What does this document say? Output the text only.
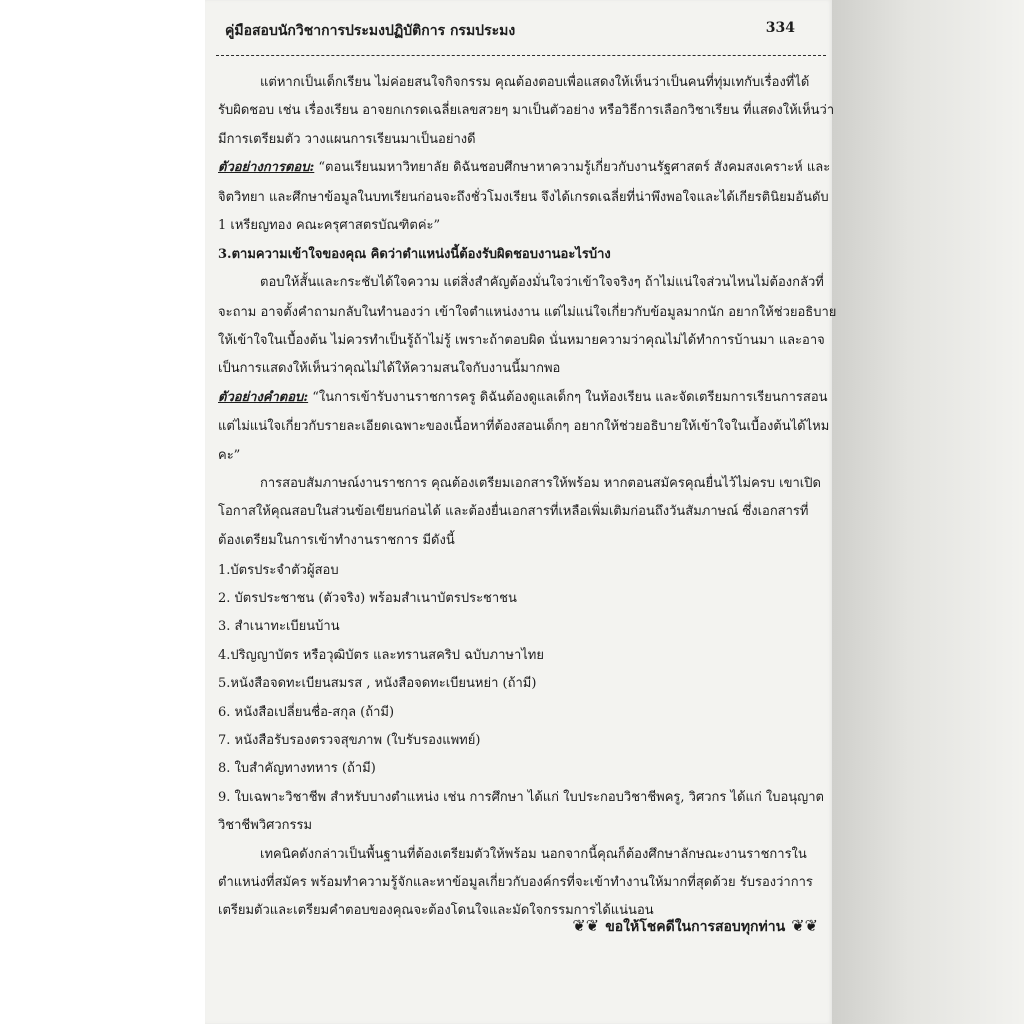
คู่มือสอบนักวิชาการประมงปฏิบัติการ กรมประมง	334
แต่หากเป็นเด็กเรียน ไม่ค่อยสนใจกิจกรรม คุณต้องตอบเพื่อแสดงให้เห็นว่าเป็นคนที่ทุ่มเทกับเรื่องที่ได้
รับผิดชอบ เช่น เรื่องเรียน อาจยกเกรดเฉลี่ยเลขสวยๆ มาเป็นตัวอย่าง หรือวิธีการเลือกวิชาเรียน ที่แสดงให้เห็นว่า
มีการเตรียมตัว วางแผนการเรียนมาเป็นอย่างดี
ตัวอย่างการตอบ: “ตอนเรียนมหาวิทยาลัย ดิฉันชอบศึกษาหาความรู้เกี่ยวกับงานรัฐศาสตร์ สังคมสงเคราะห์ และ
จิตวิทยา และศึกษาข้อมูลในบทเรียนก่อนจะถึงชั่วโมงเรียน จึงได้เกรดเฉลี่ยที่น่าพึงพอใจและได้เกียรตินิยมอันดับ
1 เหรียญทอง คณะครุศาสตรบัณฑิตค่ะ”
3.ตามความเข้าใจของคุณ คิดว่าตำแหน่งนี้ต้องรับผิดชอบงานอะไรบ้าง
ตอบให้สั้นและกระชับได้ใจความ แต่สิ่งสำคัญต้องมั่นใจว่าเข้าใจจริงๆ ถ้าไม่แน่ใจส่วนไหนไม่ต้องกลัวที่
จะถาม อาจตั้งคำถามกลับในทำนองว่า เข้าใจตำแหน่งงาน แต่ไม่แน่ใจเกี่ยวกับข้อมูลมากนัก อยากให้ช่วยอธิบาย
ให้เข้าใจในเบื้องต้น ไม่ควรทำเป็นรู้ถ้าไม่รู้ เพราะถ้าตอบผิด นั่นหมายความว่าคุณไม่ได้ทำการบ้านมา และอาจ
เป็นการแสดงให้เห็นว่าคุณไม่ได้ให้ความสนใจกับงานนี้มากพอ
ตัวอย่างคำตอบ: “ในการเข้ารับงานราชการครู ดิฉันต้องดูแลเด็กๆ ในห้องเรียน และจัดเตรียมการเรียนการสอน
แต่ไม่แน่ใจเกี่ยวกับรายละเอียดเฉพาะของเนื้อหาที่ต้องสอนเด็กๆ อยากให้ช่วยอธิบายให้เข้าใจในเบื้องต้นได้ไหม
คะ”
การสอบสัมภาษณ์งานราชการ คุณต้องเตรียมเอกสารให้พร้อม หากตอนสมัครคุณยื่นไว้ไม่ครบ เขาเปิด
โอกาสให้คุณสอบในส่วนข้อเขียนก่อนได้ และต้องยื่นเอกสารที่เหลือเพิ่มเติมก่อนถึงวันสัมภาษณ์ ซึ่งเอกสารที่
ต้องเตรียมในการเข้าทำงานราชการ มีดังนี้
1.บัตรประจำตัวผู้สอบ
2. บัตรประชาชน (ตัวจริง) พร้อมสำเนาบัตรประชาชน
3. สำเนาทะเบียนบ้าน
4.ปริญญาบัตร หรือวุฒิบัตร และทรานสคริป ฉบับภาษาไทย
5.หนังสือจดทะเบียนสมรส , หนังสือจดทะเบียนหย่า (ถ้ามี)
6. หนังสือเปลี่ยนชื่อ-สกุล (ถ้ามี)
7. หนังสือรับรองตรวจสุขภาพ (ใบรับรองแพทย์)
8. ใบสำคัญทางทหาร (ถ้ามี)
9. ใบเฉพาะวิชาชีพ สำหรับบางตำแหน่ง เช่น การศึกษา ได้แก่ ใบประกอบวิชาชีพครู, วิศวกร ได้แก่ ใบอนุญาต
วิชาชีพวิศวกรรม
เทคนิคดังกล่าวเป็นพื้นฐานที่ต้องเตรียมตัวให้พร้อม นอกจากนี้คุณก็ต้องศึกษาลักษณะงานราชการใน
ตำแหน่งที่สมัคร พร้อมทำความรู้จักและหาข้อมูลเกี่ยวกับองค์กรที่จะเข้าทำงานให้มากที่สุดด้วย รับรองว่าการ
เตรียมตัวและเตรียมคำตอบของคุณจะต้องโดนใจและมัดใจกรรมการได้แน่นอน
❦❦ ขอให้โชคดีในการสอบทุกท่าน ❦❦
